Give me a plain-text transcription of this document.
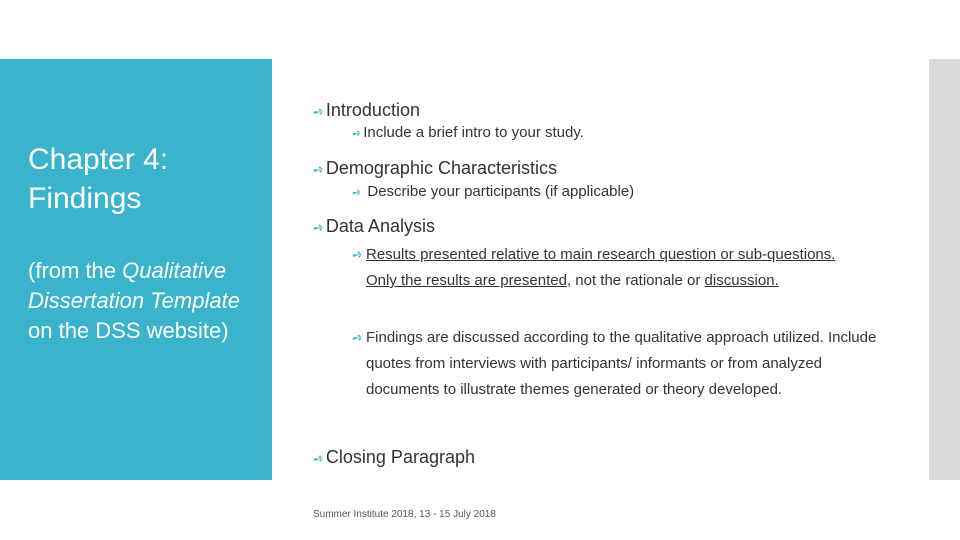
Chapter 4: Findings

(from the Qualitative Dissertation Template on the DSS website)

➺Introduction
➺Include a brief intro to your study.
➺Demographic Characteristics
➺ Describe your participants (if applicable)
➺Data Analysis
➺ Results presented relative to main research question or sub-questions. Only the results are presented, not the rationale or discussion.
➺ Findings are discussed according to the qualitative approach utilized. Include quotes from interviews with participants/ informants or from analyzed documents to illustrate themes generated or theory developed.
➺Closing Paragraph
Summer Institute 2018, 13 - 15 July 2018
